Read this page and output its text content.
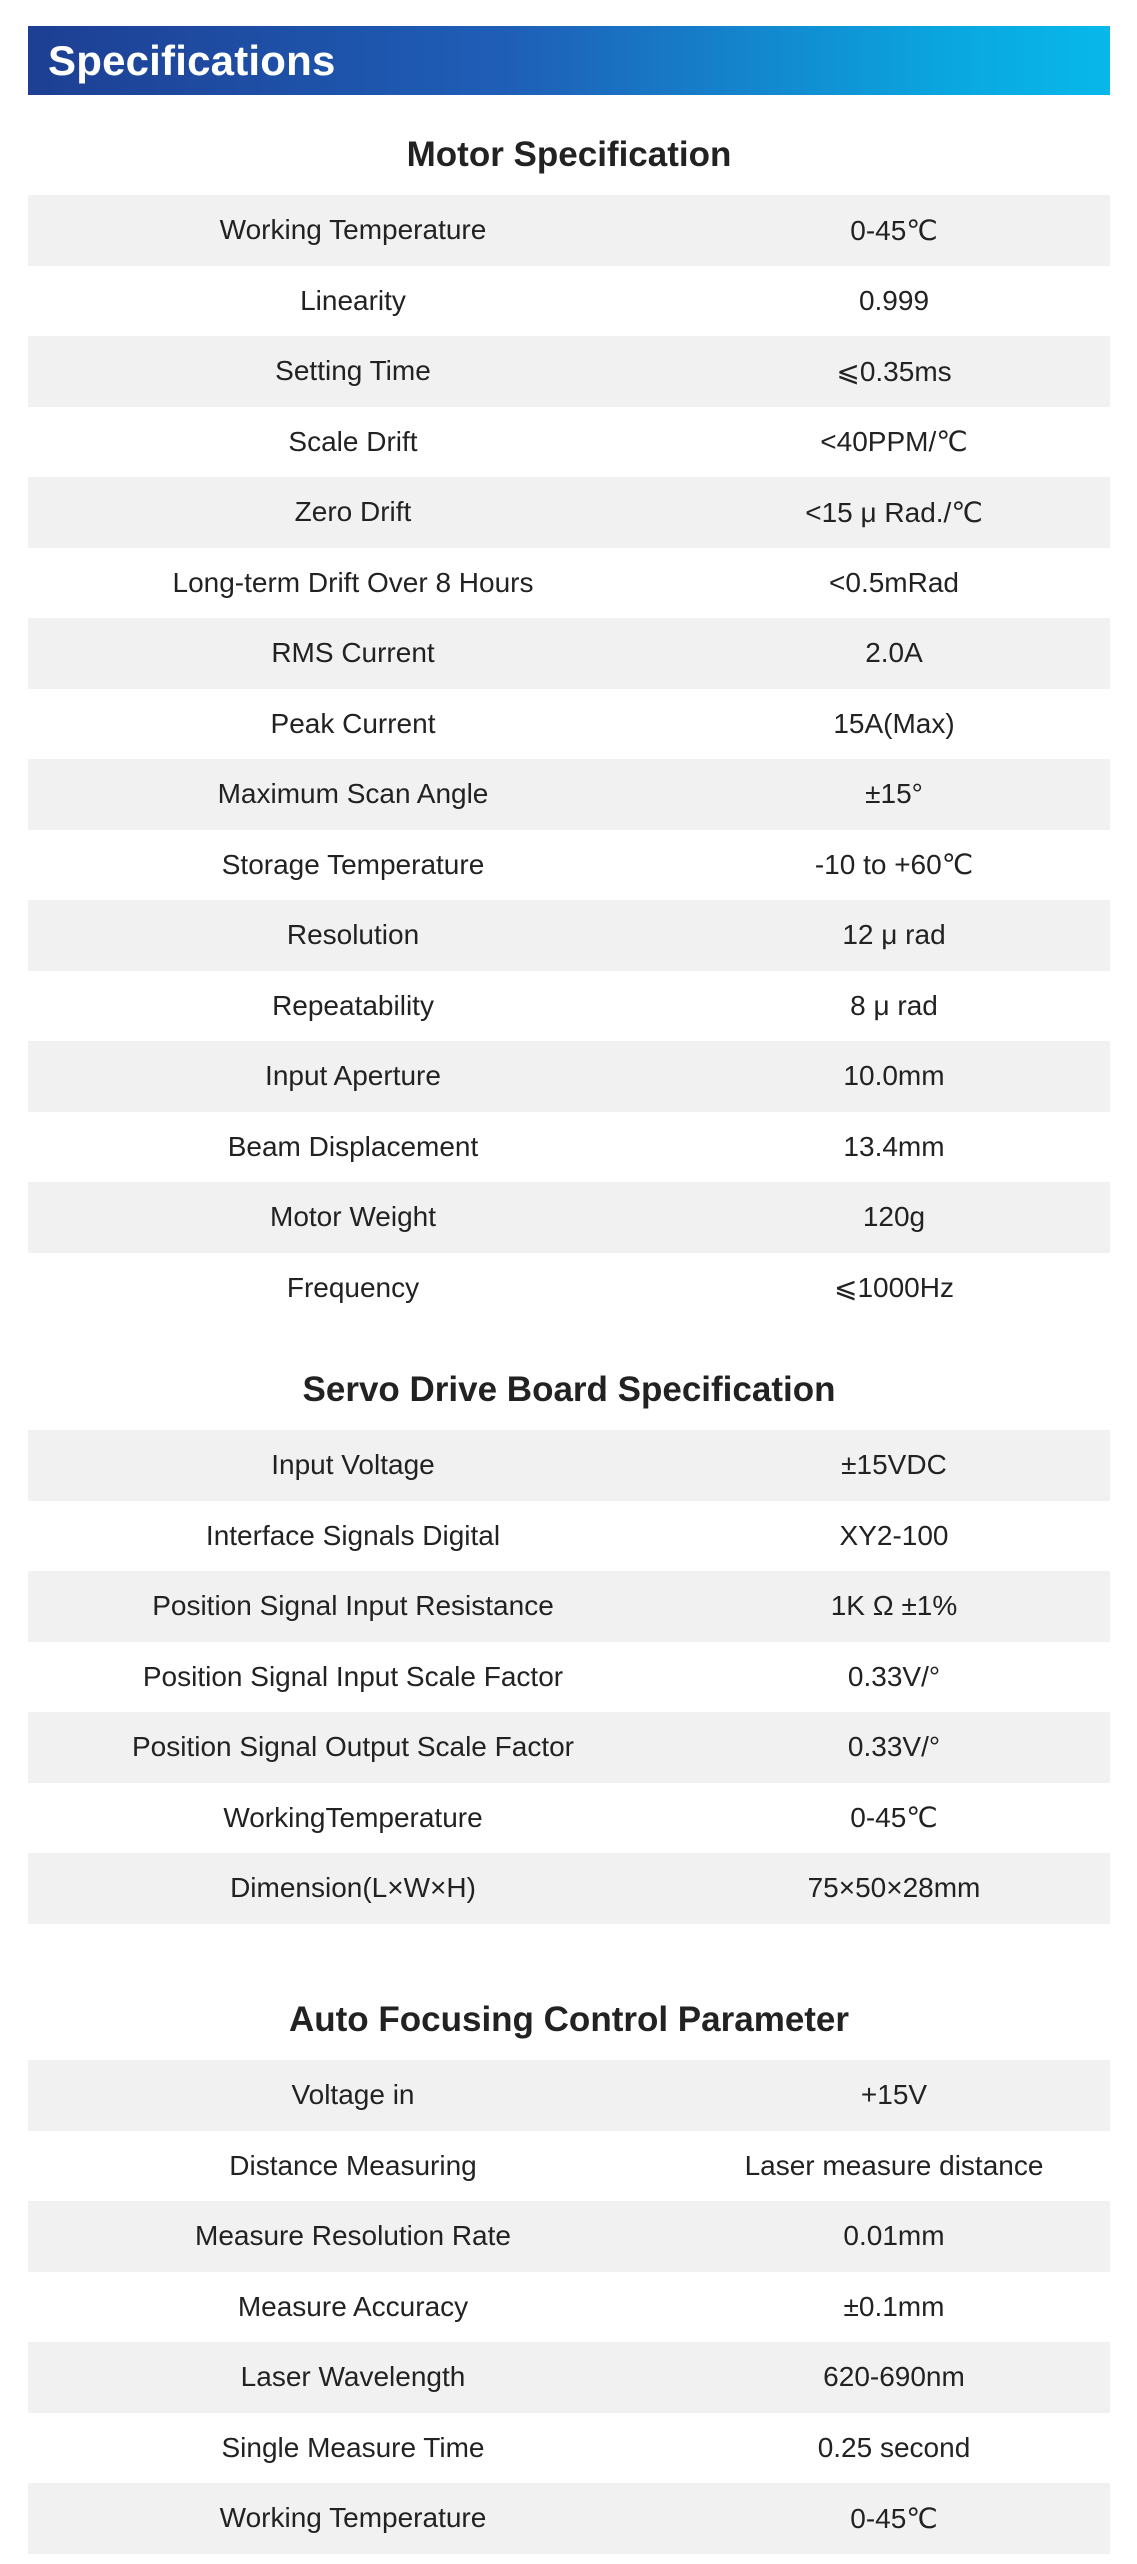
Specifications
Motor Specification
Working Temperature	0-45℃
Linearity	0.999
Setting Time	⩽0.35ms
Scale Drift	<40PPM/℃
Zero Drift	<15 μ Rad./℃
Long-term Drift Over 8 Hours	<0.5mRad
RMS Current	2.0A
Peak Current	15A(Max)
Maximum Scan Angle	±15°
Storage Temperature	-10 to +60℃
Resolution	12 μ rad
Repeatability	8 μ rad
Input Aperture	10.0mm
Beam Displacement	13.4mm
Motor Weight	120g
Frequency	⩽1000Hz
Servo Drive Board Specification
Input Voltage	±15VDC
Interface Signals Digital	XY2-100
Position Signal Input Resistance	1K Ω ±1%
Position Signal Input Scale Factor	0.33V/°
Position Signal Output Scale Factor	0.33V/°
WorkingTemperature	0-45℃
Dimension(L×W×H)	75×50×28mm
Auto Focusing Control Parameter
Voltage in	+15V
Distance Measuring	Laser measure distance
Measure Resolution Rate	0.01mm
Measure Accuracy	±0.1mm
Laser Wavelength	620-690nm
Single Measure Time	0.25 second
Working Temperature	0-45℃
